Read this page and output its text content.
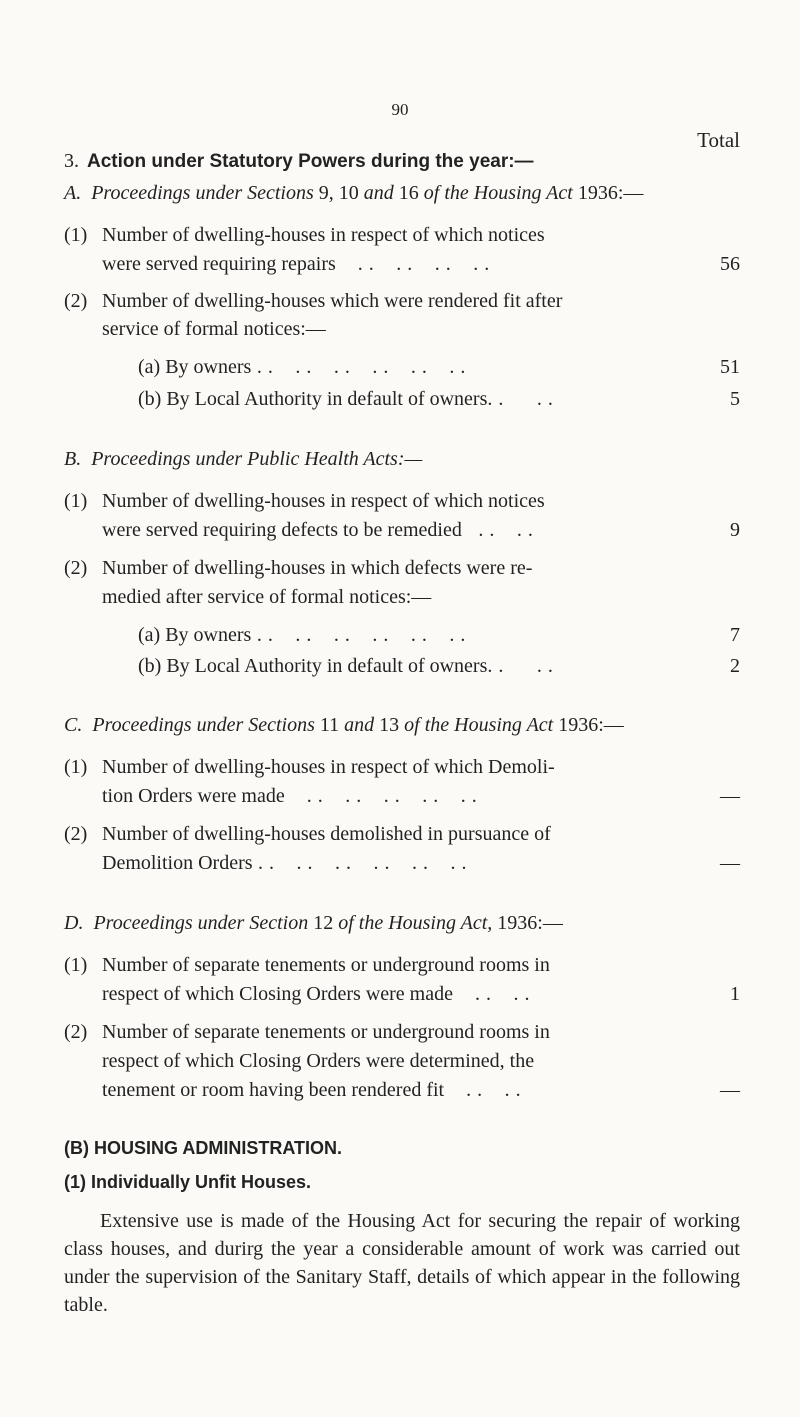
90
Total
3. Action under Statutory Powers during the year:—
A. Proceedings under Sections 9, 10 and 16 of the Housing Act 1936:—
(1) Number of dwelling-houses in respect of which notices
were served requiring repairs    . .    . .    . .    . .	56
(2) Number of dwelling-houses which were rendered fit after
service of formal notices:—
(a) By owners . .    . .    . .    . .    . .    . .	51
(b) By Local Authority in default of owners. .      . .	5
B. Proceedings under Public Health Acts:—
(1) Number of dwelling-houses in respect of which notices
were served requiring defects to be remedied   . .    . .	9
(2) Number of dwelling-houses in which defects were re-
medied after service of formal notices:—
(a) By owners . .    . .    . .    . .    . .    . .	7
(b) By Local Authority in default of owners. .      . .	2
C. Proceedings under Sections 11 and 13 of the Housing Act 1936:—
(1) Number of dwelling-houses in respect of which Demoli-
tion Orders were made    . .    . .    . .    . .    . .	—
(2) Number of dwelling-houses demolished in pursuance of
Demolition Orders . .    . .    . .    . .    . .    . .	—
D. Proceedings under Section 12 of the Housing Act, 1936:—
(1) Number of separate tenements or underground rooms in
respect of which Closing Orders were made    . .    . .	1
(2) Number of separate tenements or underground rooms in
respect of which Closing Orders were determined, the
tenement or room having been rendered fit    . .    . .	—
(B) HOUSING ADMINISTRATION.
(1) Individually Unfit Houses.
Extensive use is made of the Housing Act for securing the repair of working class houses, and durirg the year a considerable amount of work was carried out under the supervision of the Sanitary Staff, details of which appear in the following table.
